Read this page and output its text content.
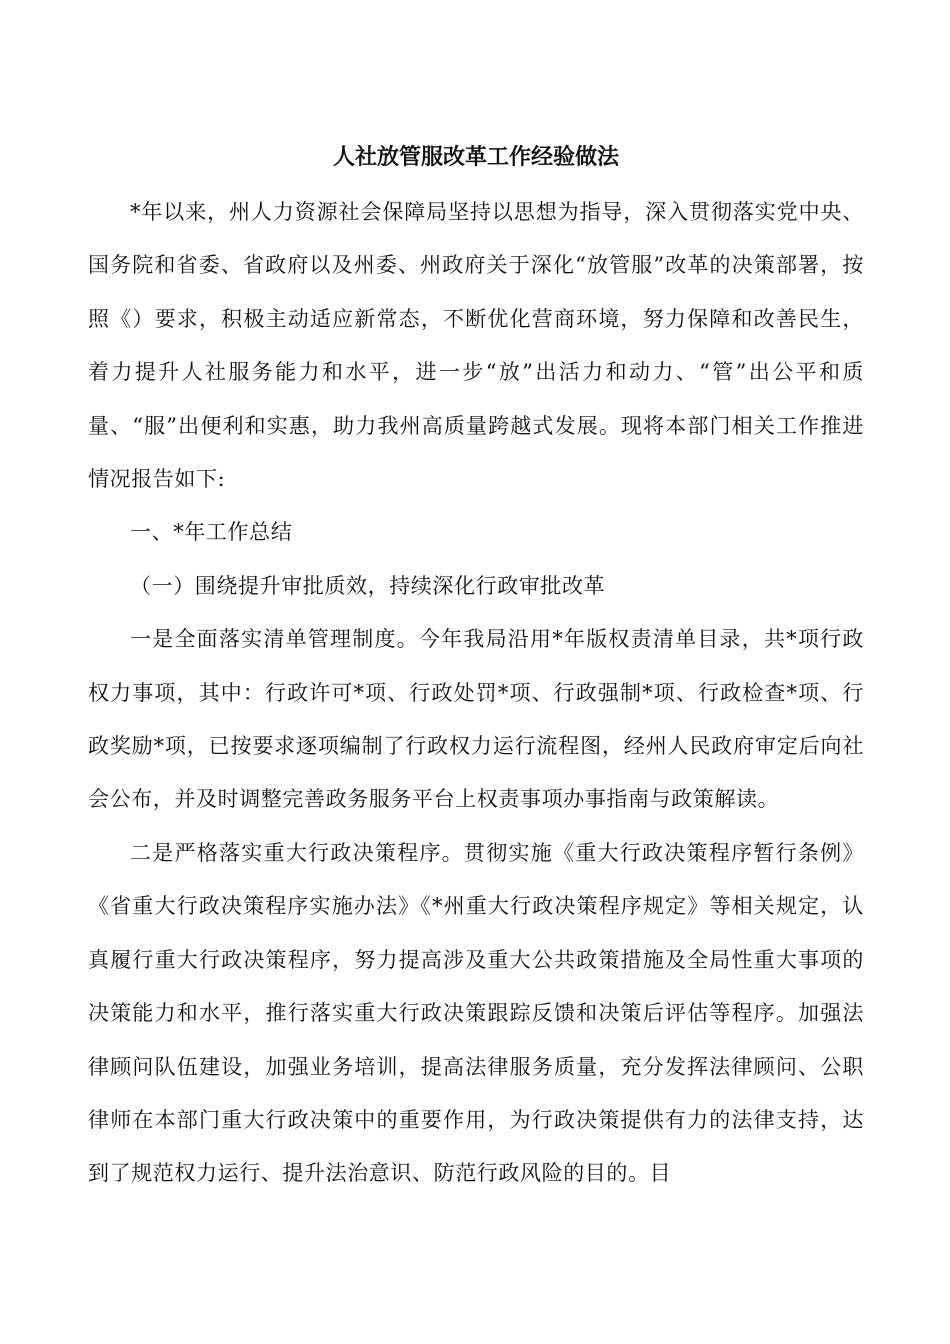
人社放管服改革工作经验做法

*年以来，州人力资源社会保障局坚持以思想为指导，深入贯彻落实党中央、国务院和省委、省政府以及州委、州政府关于深化“放管服”改革的决策部署，按照《）要求，积极主动适应新常态，不断优化营商环境，努力保障和改善民生，着力提升人社服务能力和水平，进一步“放”出活力和动力、“管”出公平和质量、“服”出便利和实惠，助力我州高质量跨越式发展。现将本部门相关工作推进情况报告如下:

一、*年工作总结

（一）围绕提升审批质效，持续深化行政审批改革

一是全面落实清单管理制度。今年我局沿用*年版权责清单目录，共*项行政权力事项，其中：行政许可*项、行政处罚*项、行政强制*项、行政检查*项、行政奖励*项，已按要求逐项编制了行政权力运行流程图，经州人民政府审定后向社会公布，并及时调整完善政务服务平台上权责事项办事指南与政策解读。

二是严格落实重大行政决策程序。贯彻实施《重大行政决策程序暂行条例》《省重大行政决策程序实施办法》《*州重大行政决策程序规定》等相关规定，认真履行重大行政决策程序，努力提高涉及重大公共政策措施及全局性重大事项的决策能力和水平，推行落实重大行政决策跟踪反馈和决策后评估等程序。加强法律顾问队伍建设，加强业务培训，提高法律服务质量，充分发挥法律顾问、公职律师在本部门重大行政决策中的重要作用，为行政决策提供有力的法律支持，达到了规范权力运行、提升法治意识、防范行政风险的目的。目
